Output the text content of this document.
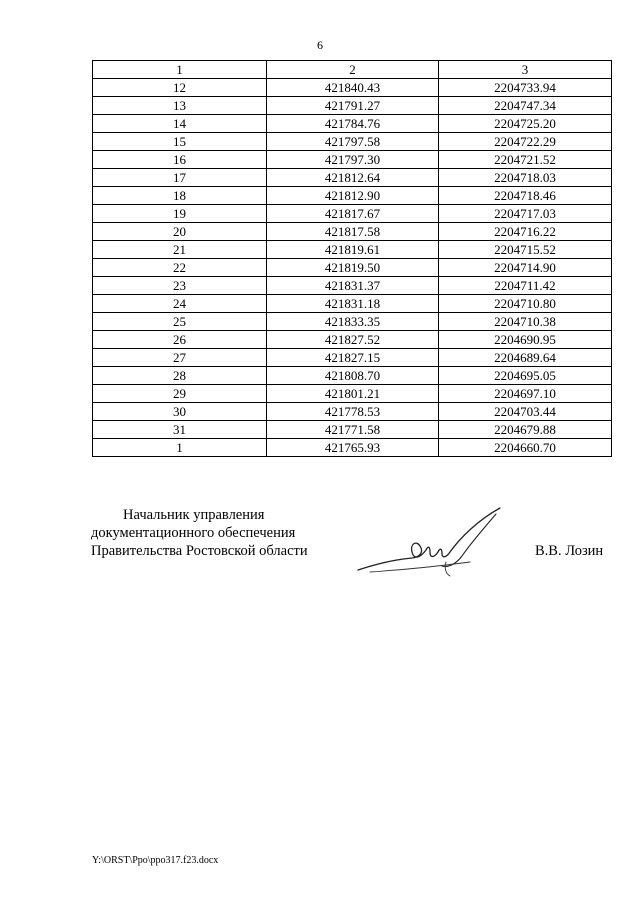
6
1	2	3
12	421840.43	2204733.94
13	421791.27	2204747.34
14	421784.76	2204725.20
15	421797.58	2204722.29
16	421797.30	2204721.52
17	421812.64	2204718.03
18	421812.90	2204718.46
19	421817.67	2204717.03
20	421817.58	2204716.22
21	421819.61	2204715.52
22	421819.50	2204714.90
23	421831.37	2204711.42
24	421831.18	2204710.80
25	421833.35	2204710.38
26	421827.52	2204690.95
27	421827.15	2204689.64
28	421808.70	2204695.05
29	421801.21	2204697.10
30	421778.53	2204703.44
31	421771.58	2204679.88
1	421765.93	2204660.70
Начальник управления
документационного обеспечения
Правительства Ростовской области	В.В. Лозин
Y:\ORST\Ppo\ppo317.f23.docx
